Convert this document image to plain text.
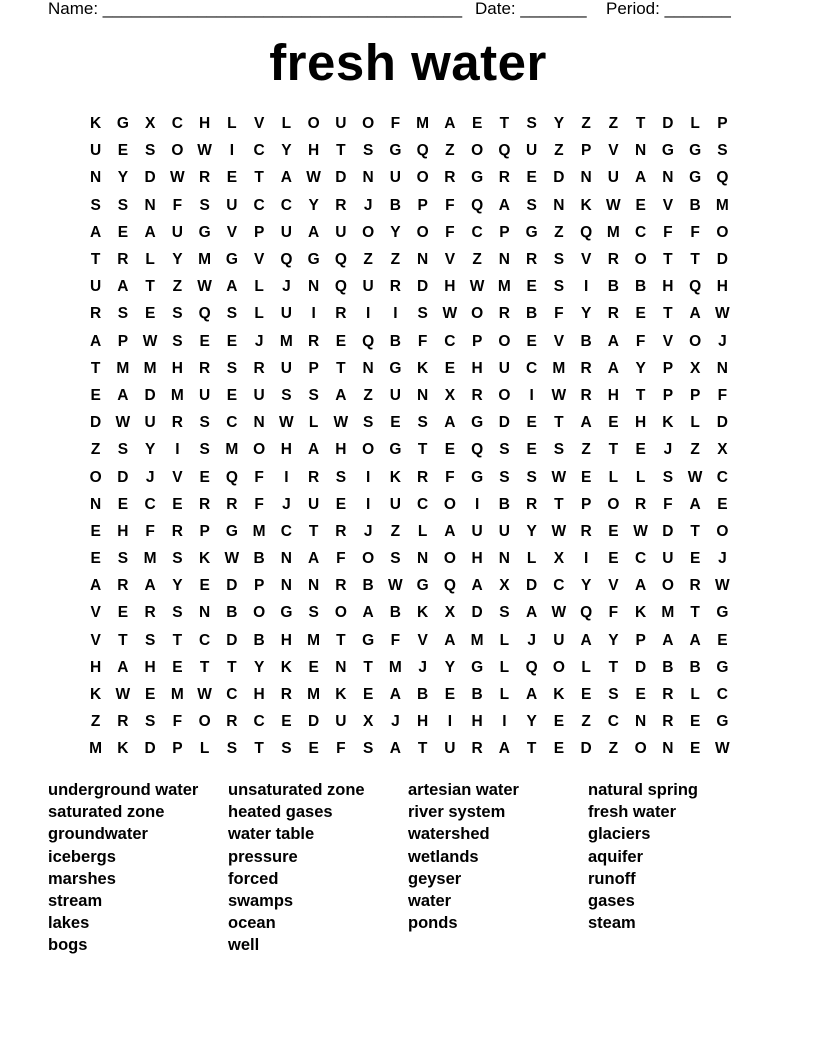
Name: ______________________________________ Date: _______ Period: _______
fresh water
K	G	X	C	H	L	V	L	O	U	O	F	M A	E	T	S	Y	Z	Z	T	D	L	P
U	E	S	O W	I	C	Y	H	T	S	G Q	Z	O Q	U	Z	P	V	N	G G	S
N	Y	D W R	E	T	A W D	N	U	O	R	G	R	E	D	N	U	A	N	G Q
S	S	N	F	S	U	C	C	Y	R	J	B	P	F	Q	A	S	N	K W E	V	B M
A	E	A	U	G	V	P	U	A	U	O	Y	O	F	C	P	G	Z	Q M C	F	F	O
T	R	L	Y	M G	V	Q G Q	Z	Z	N	V	Z	N	R	S	V	R	O	T	T	D
U	A	T	Z W A	L	J	N	Q	U	R	D	H W M	E	S	I	B	B	H	Q	H
R	S	E	S	Q	S	L	U	I	R	I	I	S W O	R	B	F	Y	R	E	T	A W
A	P W S	E	E	J	M R	E	Q	B	F	C	P	O	E	V	B	A	F	V	O	J
T	M M H	R	S	R	U	P	T	N	G	K	E	H	U	C M R	A	Y	P	X	N
E	A	D M U	E	U	S	S	A	Z	U	N	X	R	O	I	W R	H	T	P	P	F
D W U	R	S	C	N W L W S	E	S	A	G	D	E	T	A	E	H	K	L	D
Z	S	Y	I	S	M O	H	A	H	O G	T	E	Q	S	E	S	Z	T	E	J	Z	X
O	D	J	V	E	Q	F	I	R	S	I	K	R	F	G	S	S W E	L	L	S W C
N	E	C	E	R	R	F	J	U	E	I	U	C	O	I	B	R	T	P	O	R	F	A	E
E	H	F	R	P	G M C	T	R	J	Z	L	A	U	U	Y W R	E W D	T	O
E	S	M	S	K W B	N	A	F	O	S	N	O	H	N	L	X	I	E	C	U	E	J
A	R	A	Y	E	D	P	N	N	R	B W G Q	A	X	D	C	Y	V	A	O	R W
V	E	R	S	N	B	O G	S	O	A	B	K	X	D	S	A W Q	F	K M	T	G
V	T	S	T	C	D	B	H M	T	G	F	V	A M	L	J	U	A	Y	P	A	A	E
H	A	H	E	T	T	Y	K	E	N	T	M	J	Y	G	L	Q O	L	T	D	B	B	G
K W E	M W C	H	R M K	E	A	B	E	B	L	A	K	E	S	E	R	L	C
Z	R	S	F	O	R	C	E	D	U	X	J	H	I	H	I	Y	E	Z	C	N	R	E	G
M K	D	P	L	S	T	S	E	F	S	A	T	U	R	A	T	E	D	Z	O	N	E W
underground water	unsaturated zone	artesian water	natural spring
saturated zone	heated gases	river system	fresh water
groundwater	water table	watershed	glaciers
icebergs	pressure	wetlands	aquifer
marshes	forced	geyser	runoff
stream	swamps	water	gases
lakes	ocean	ponds	steam
bogs	well
